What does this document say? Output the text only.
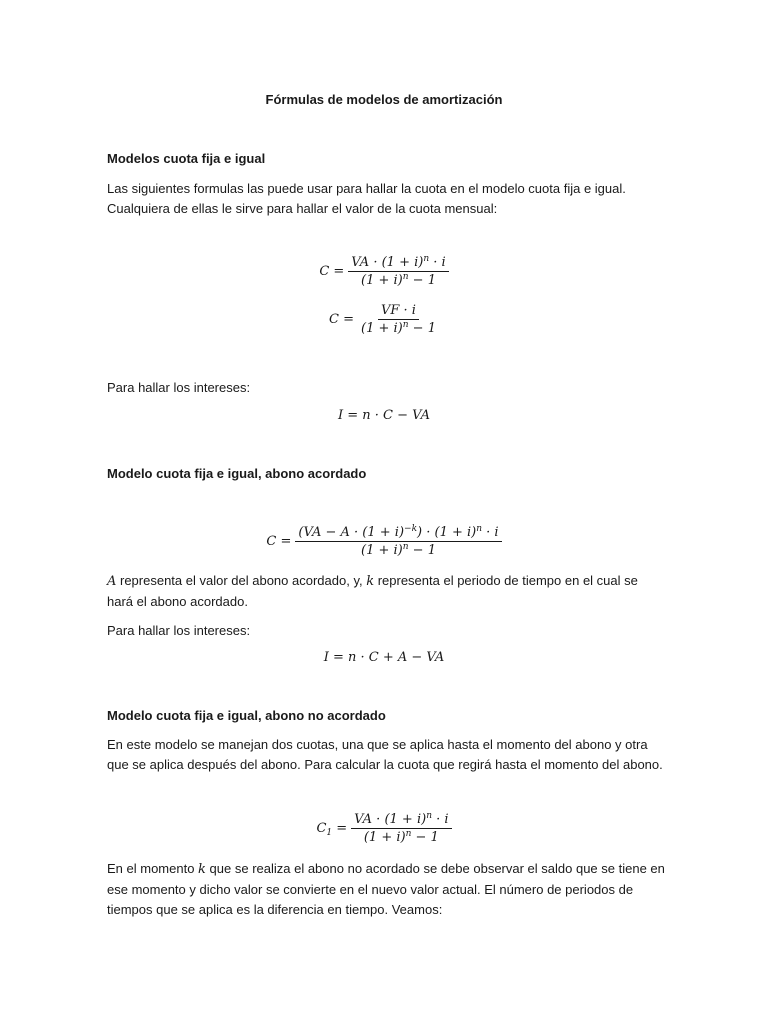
Fórmulas de modelos de amortización
Modelos cuota fija e igual

Las siguientes formulas las puede usar para hallar la cuota en el modelo cuota fija e igual. Cualquiera de ellas le sirve para hallar el valor de la cuota mensual:

$C = \frac{VA \cdot (1 + i)^n \cdot i}{(1 + i)^n - 1}$
$C = \frac{VF \cdot i}{(1 + i)^n - 1}$

Para hallar los intereses:

I = n · C − VA
Modelo cuota fija e igual, abono acordado
$C = \frac{(VA - A \cdot (1 + i)^{-k}) \cdot (1 + i)^n \cdot i}{(1 + i)^n - 1}$

A representa el valor del abono acordado, y, k representa el periodo de tiempo en el cual se hará el abono acordado.

Para hallar los intereses:

I = n · C + A − VA
Modelo cuota fija e igual, abono no acordado

En este modelo se manejan dos cuotas, una que se aplica hasta el momento del abono y otra que se aplica después del abono. Para calcular la cuota que regirá hasta el momento del abono.

$C_1 = \frac{VA \cdot (1 + i)^n \cdot i}{(1 + i)^n - 1}$

En el momento k que se realiza el abono no acordado se debe observar el saldo que se tiene en ese momento y dicho valor se convierte en el nuevo valor actual. El número de periodos de tiempos que se aplica es la diferencia en tiempo. Veamos:
